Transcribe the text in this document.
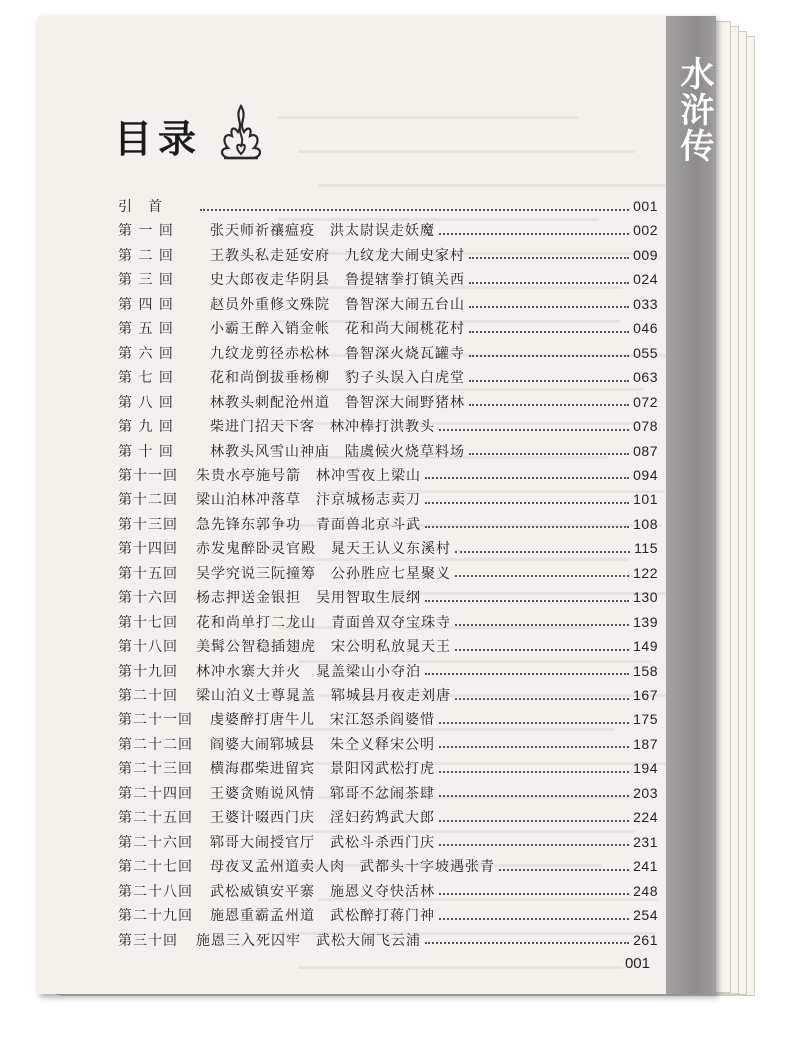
水浒传
目录
引　首	001
第 一 回	张天师祈禳瘟疫　洪太尉误走妖魔	002
第 二 回	王教头私走延安府　九纹龙大闹史家村	009
第 三 回	史大郎夜走华阴县　鲁提辖拳打镇关西	024
第 四 回	赵员外重修文殊院　鲁智深大闹五台山	033
第 五 回	小霸王醉入销金帐　花和尚大闹桃花村	046
第 六 回	九纹龙剪径赤松林　鲁智深火烧瓦罐寺	055
第 七 回	花和尚倒拔垂杨柳　豹子头误入白虎堂	063
第 八 回	林教头刺配沧州道　鲁智深大闹野猪林	072
第 九 回	柴进门招天下客　林冲棒打洪教头	078
第 十 回	林教头风雪山神庙　陆虞候火烧草料场	087
第十一回	朱贵水亭施号箭　林冲雪夜上梁山	094
第十二回	梁山泊林冲落草　汴京城杨志卖刀	101
第十三回	急先锋东郭争功　青面兽北京斗武	108
第十四回	赤发鬼醉卧灵官殿　晁天王认义东溪村	115
第十五回	吴学究说三阮撞筹　公孙胜应七星聚义	122
第十六回	杨志押送金银担　吴用智取生辰纲	130
第十七回	花和尚单打二龙山　青面兽双夺宝珠寺	139
第十八回	美髯公智稳插翅虎　宋公明私放晁天王	149
第十九回	林冲水寨大并火　晁盖梁山小夺泊	158
第二十回	梁山泊义士尊晁盖　郓城县月夜走刘唐	167
第二十一回	虔婆醉打唐牛儿　宋江怒杀阎婆惜	175
第二十二回	阎婆大闹郓城县　朱仝义释宋公明	187
第二十三回	横海郡柴进留宾　景阳冈武松打虎	194
第二十四回	王婆贪贿说风情　郓哥不忿闹茶肆	203
第二十五回	王婆计啜西门庆　淫妇药鸩武大郎	224
第二十六回	郓哥大闹授官厅　武松斗杀西门庆	231
第二十七回	母夜叉孟州道卖人肉　武都头十字坡遇张青	241
第二十八回	武松威镇安平寨　施恩义夺快活林	248
第二十九回	施恩重霸孟州道　武松醉打蒋门神	254
第三十回	施恩三入死囚牢　武松大闹飞云浦	261
001
